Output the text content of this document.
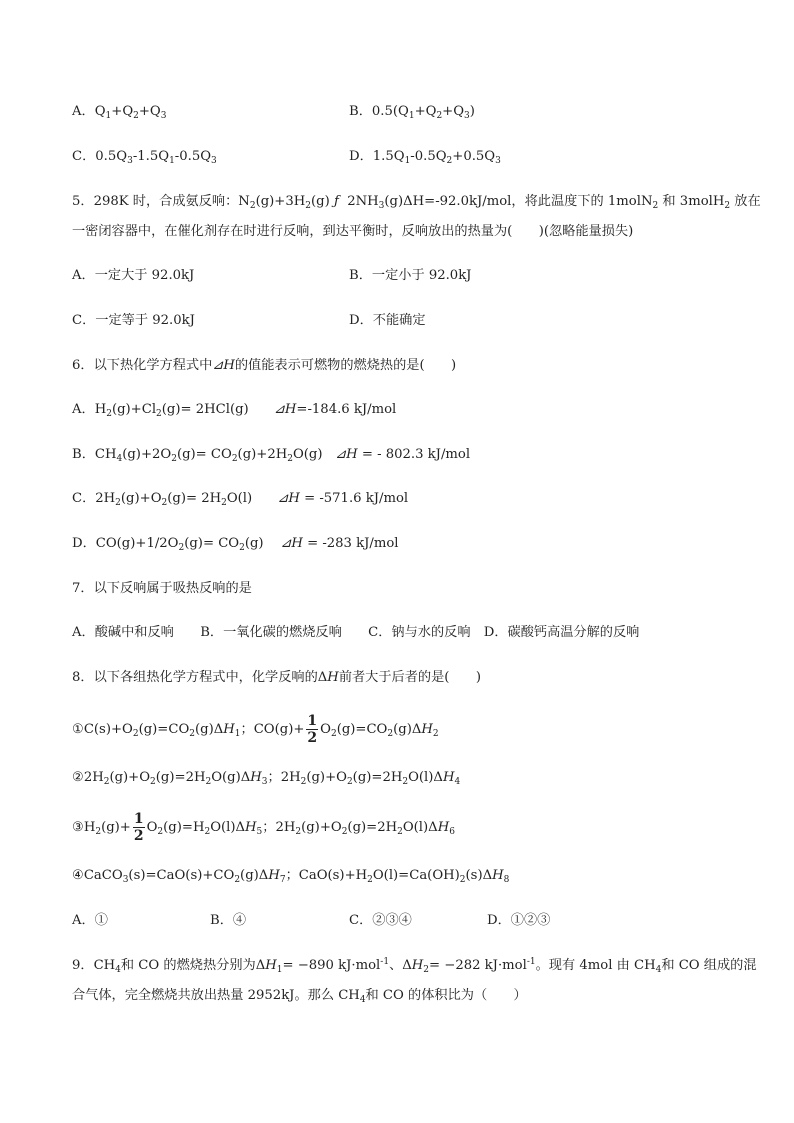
A．$Q_1+Q_2+Q_3$	B．$0.5(Q_1+Q_2+Q_3)$
C．$0.5Q_3-1.5Q_1-0.5Q_3$	D．$1.5Q_1-0.5Q_2+0.5Q_3$
5．298K 时，合成氨反响：$N_2(g)+3H_2(g)$ ƒ  $2NH_3(g)\Delta H=-92.0kJ$/mol，将此温度下的 1molN$_2$ 和 3molH$_2$ 放在
一密闭容器中，在催化剂存在时进行反响，到达平衡时，反响放出的热量为(　　)(忽略能量损失)
A．一定大于 92.0kJ	B．一定小于 92.0kJ
C．一定等于 92.0kJ	D．不能确定
6．以下热化学方程式中⊿H的值能表示可燃物的燃烧热的是(　　)
A．$H_2(g)+Cl_2(g)= 2HCl(g)$      ⊿H=-184.6 kJ/mol
B．$CH_4(g)+2O_2(g)= CO_2(g)+2H_2O(g)$   ⊿H = - 802.3 kJ/mol
C．$2H_2(g)+O_2(g)= 2H_2O(l)$      ⊿H = -571.6 kJ/mol
D．$CO(g)+1/2O_2(g)= CO_2(g)$    ⊿H = -283 kJ/mol
7．以下反响属于吸热反响的是
A．酸碱中和反响　　B．一氧化碳的燃烧反响　　C．钠与水的反响　D．碳酸钙高温分解的反响
8．以下各组热化学方程式中，化学反响的ΔH前者大于后者的是(　　)
$①C(s)+O_2(g)=CO_2(g)\Delta H_1$；$CO(g)+ \frac{1}{2} O_2(g)=CO_2(g)\Delta H_2$
$②2H_2(g)+O_2(g)=2H_2O(g)\Delta H_3$；$2H_2(g)+O_2(g)=2H_2O(l)\Delta H_4$
$③H_2(g)+ \frac{1}{2} O_2(g)=H_2O(l)\Delta H_5$；$2H_2(g)+O_2(g)=2H_2O(l)\Delta H_6$
$④CaCO_3(s)=CaO(s)+CO_2(g)\Delta H_7$；$CaO(s)+H_2O(l)=Ca(OH)_2(s)\Delta H_8$
A．①	B．④	C．②③④	D．①②③
9．$CH_4$和 CO 的燃烧热分别为$\Delta H_1= -890$ kJ·mol$^{-1}$、$\Delta H_2= -282$ kJ·mol$^{-1}$。现有 4mol 由 $CH_4$和 CO 组成的混
合气体，完全燃烧共放出热量 2952kJ。那么 $CH_4$和 CO 的体积比为（　　）
